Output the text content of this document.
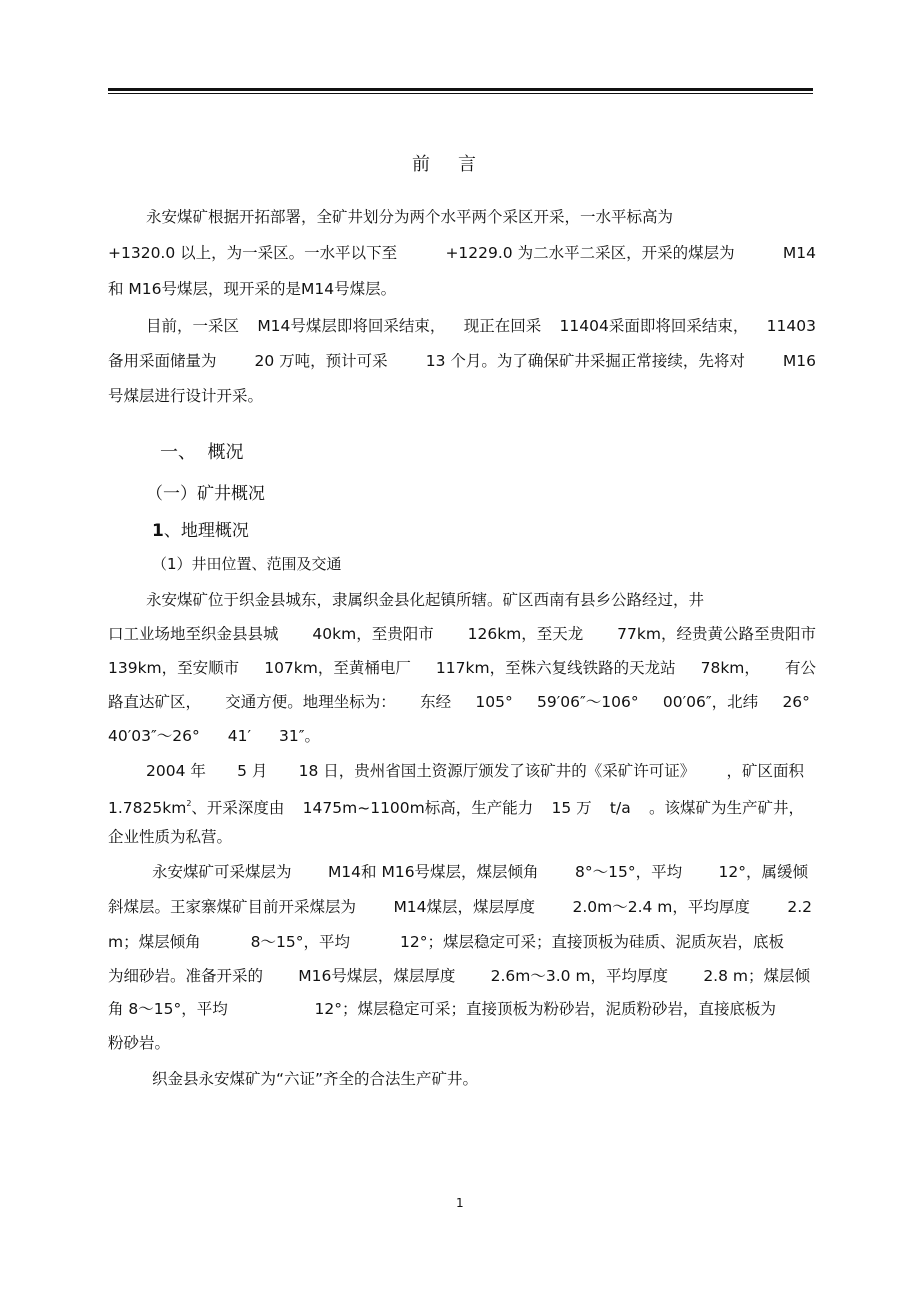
前 言
永安煤矿根据开拓部署，全矿井划分为两个水平两个采区开采，一水平标高为
+1320.0 以上，为一采区。一水平以下至	+1229.0 为二水平二采区，开采的煤层为	M14
和 M16号煤层，现开采的是 M14号煤层。
目前，一采区 M14号煤层即将回采结束， 现正在回采 11404采面即将回采结束， 11403
备用采面储量为 20 万吨，预计可采 13 个月。为了确保矿井采掘正常接续，先将对 M16
号煤层进行设计开采。
一、  概况
（一）矿井概况
1、地理概况
（1）井田位置、范围及交通
永安煤矿位于织金县城东，隶属织金县化起镇所辖。矿区西南有县乡公路经过，井
口工业场地至织金县县城 40km，至贵阳市 126km，至天龙 77km，经贵黄公路至贵阳市
139km，至安顺市 107km，至黄桶电厂 117km，至株六复线铁路的天龙站 78km， 有公
路直达矿区， 交通方便。地理坐标为： 东经 105° 59′06″～106° 00′06″，北纬 26°
40′03″～26° 41′ 31″。
2004 年 5 月 18 日，贵州省国土资源厅颁发了该矿井的《采矿许可证》 ，矿区面积
$1.7825km^2$、开采深度由 1475m~1100m标高，生产能力 15 万 t/a 。该煤矿为生产矿井，
企业性质为私营。
永安煤矿可采煤层为 M14和 M16号煤层，煤层倾角 8°～15°，平均 12°，属缓倾
斜煤层。王家寨煤矿目前开采煤层为 M14煤层，煤层厚度 2.0m～2.4 m，平均厚度 2.2
m；煤层倾角	8～15°，平均	12°；煤层稳定可采；直接顶板为硅质、泥质灰岩，底板
为细砂岩。准备开采的 M16号煤层，煤层厚度 2.6m～3.0 m，平均厚度 2.8 m；煤层倾
角 8～15°，平均	12°；煤层稳定可采；直接顶板为粉砂岩，泥质粉砂岩，直接底板为
粉砂岩。
织金县永安煤矿为“六证”齐全的合法生产矿井。
1
